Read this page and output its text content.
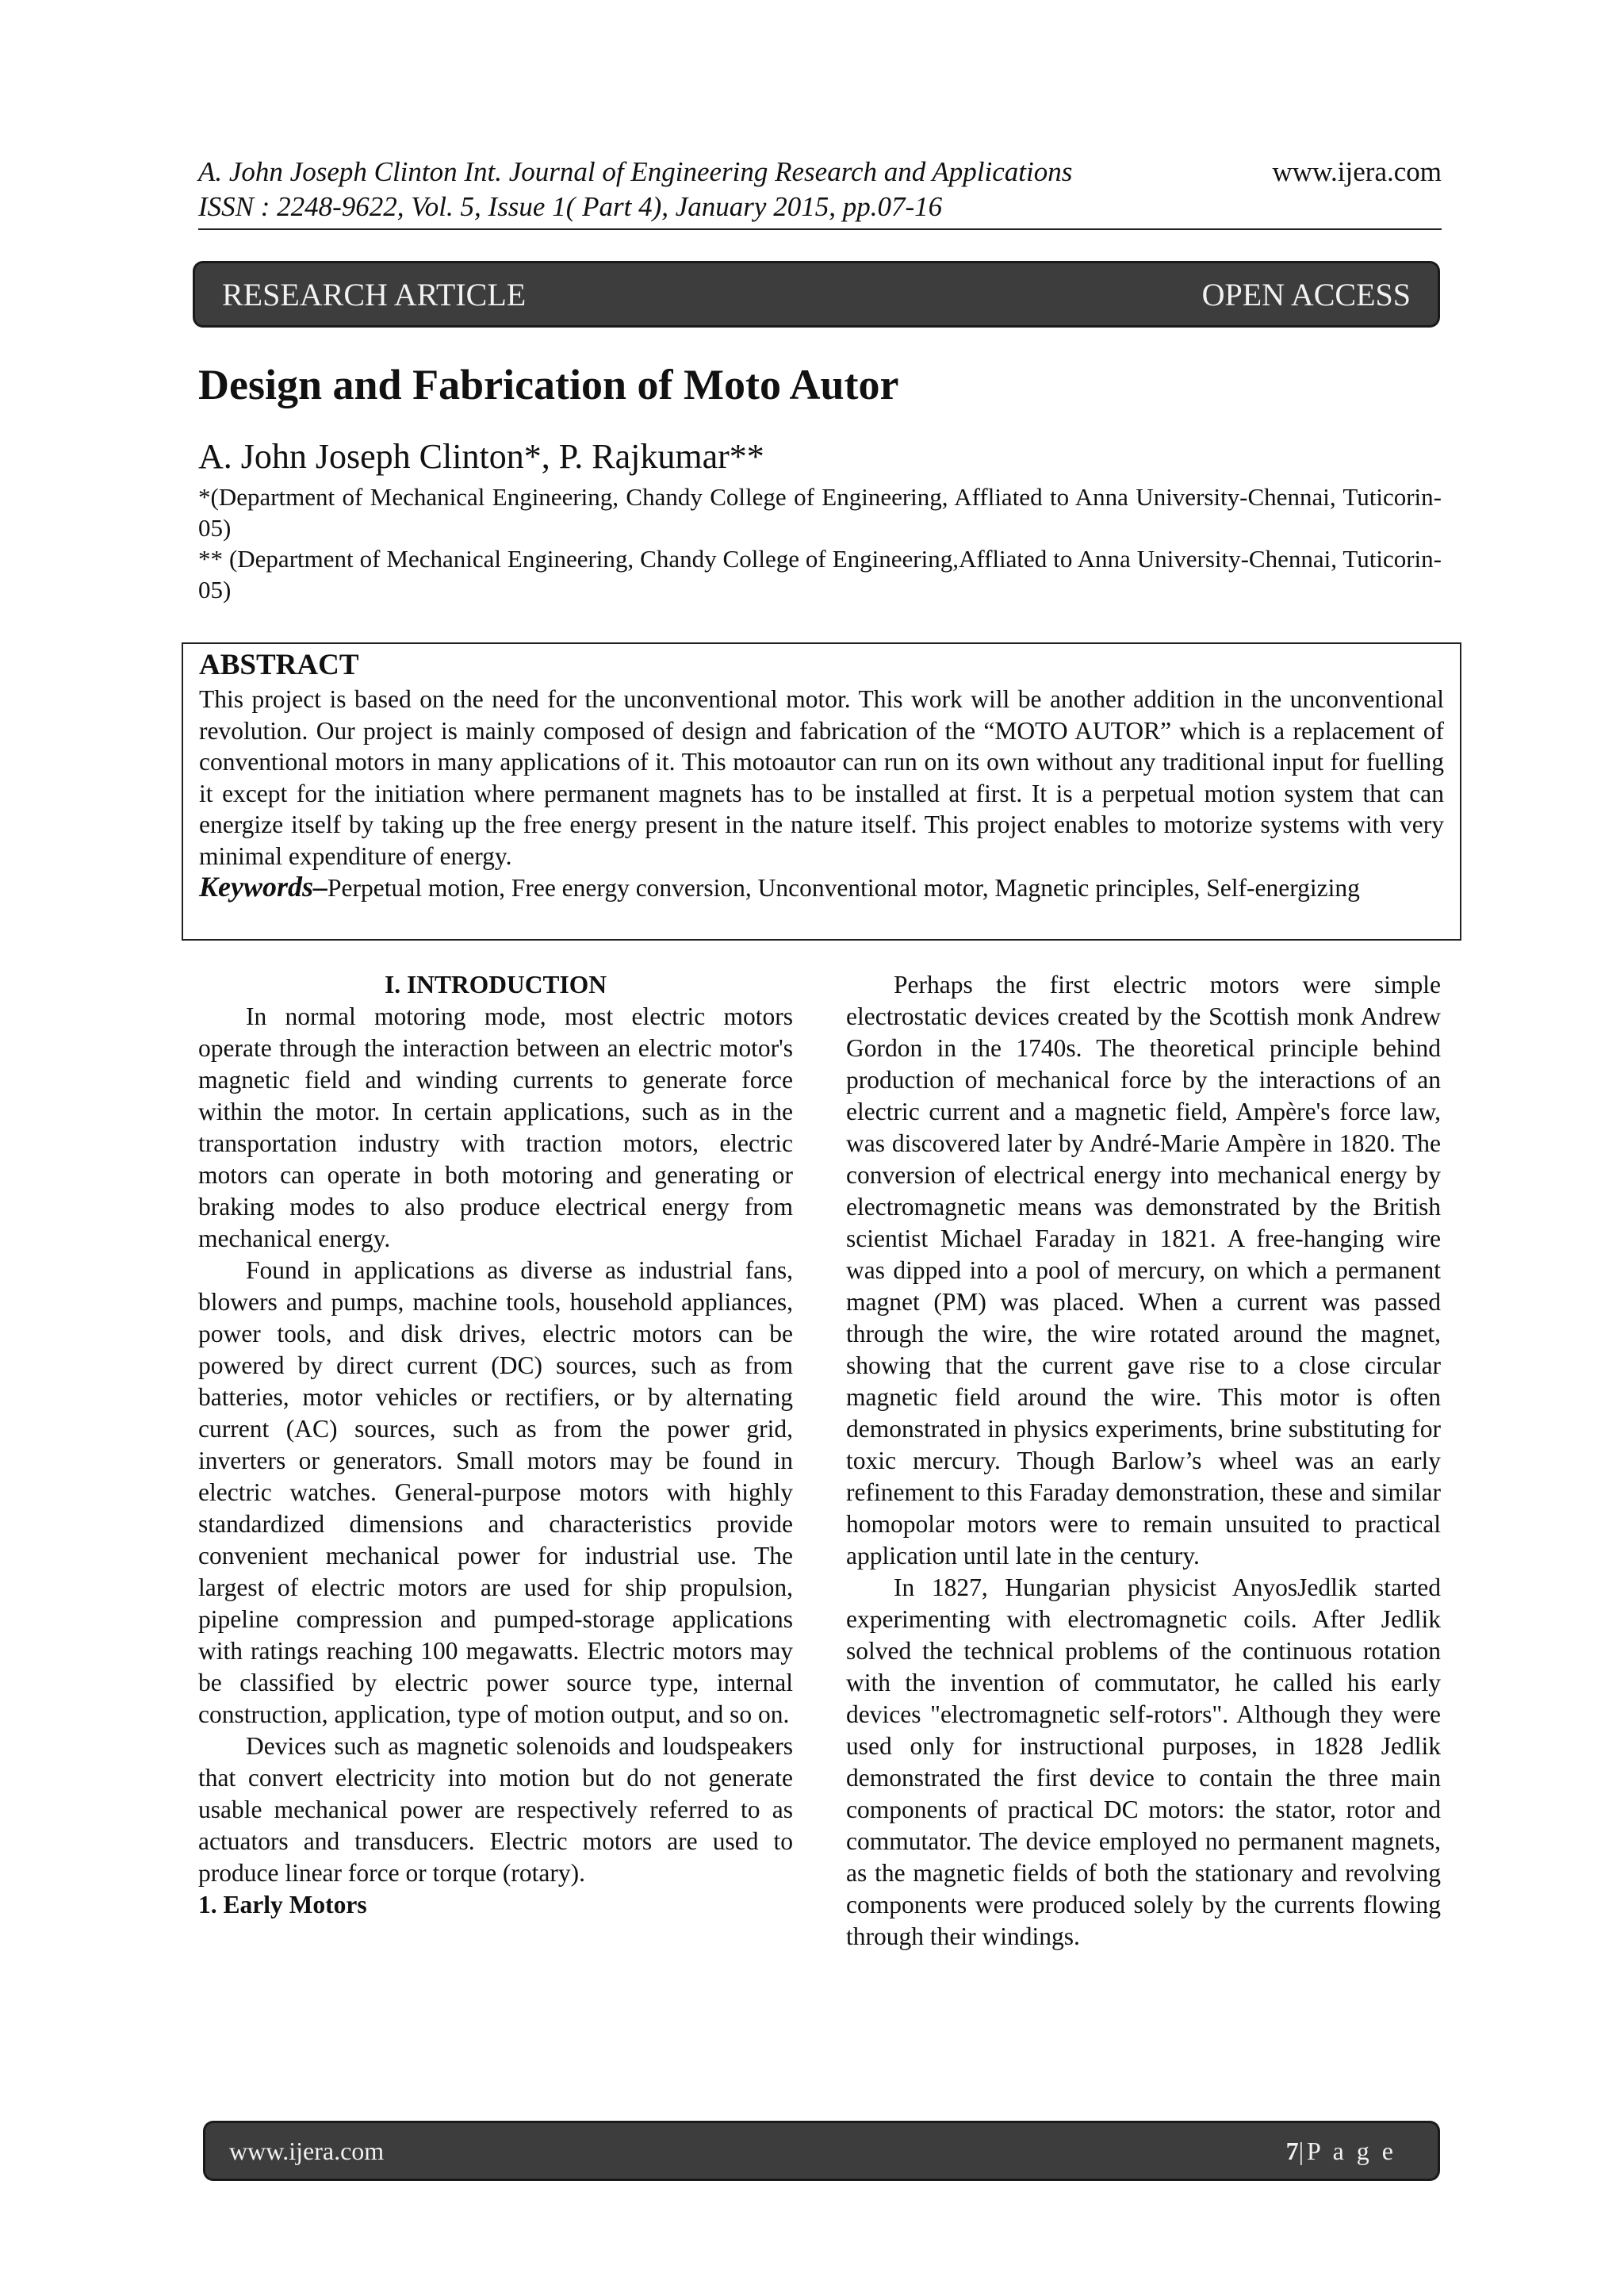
A. John Joseph Clinton Int. Journal of Engineering Research and Applications	www.ijera.com
ISSN : 2248-9622, Vol. 5, Issue 1( Part 4), January 2015, pp.07-16
RESEARCH ARTICLE	OPEN ACCESS
Design and Fabrication of Moto Autor
A. John Joseph Clinton*, P. Rajkumar**

*(Department of Mechanical Engineering, Chandy College of Engineering, Affliated to Anna University-Chennai, Tuticorin-05)

** (Department of Mechanical Engineering, Chandy College of Engineering,Affliated to Anna University-Chennai, Tuticorin-05)

ABSTRACT

This project is based on the need for the unconventional motor. This work will be another addition in the unconventional revolution. Our project is mainly composed of design and fabrication of the “MOTO AUTOR” which is a replacement of conventional motors in many applications of it. This motoautor can run on its own without any traditional input for fuelling it except for the initiation where permanent magnets has to be installed at first. It is a perpetual motion system that can energize itself by taking up the free energy present in the nature itself. This project enables to motorize systems with very minimal expenditure of energy.

Keywords–Perpetual motion, Free energy conversion, Unconventional motor, Magnetic principles, Self-energizing

I. INTRODUCTION

In normal motoring mode, most electric motors operate through the interaction between an electric motor's magnetic field and winding currents to generate force within the motor. In certain applications, such as in the transportation industry with traction motors, electric motors can operate in both motoring and generating or braking modes to also produce electrical energy from mechanical energy.

Found in applications as diverse as industrial fans, blowers and pumps, machine tools, household appliances, power tools, and disk drives, electric motors can be powered by direct current (DC) sources, such as from batteries, motor vehicles or rectifiers, or by alternating current (AC) sources, such as from the power grid, inverters or generators. Small motors may be found in electric watches. General-purpose motors with highly standardized dimensions and characteristics provide convenient mechanical power for industrial use. The largest of electric motors are used for ship propulsion, pipeline compression and pumped-storage applications with ratings reaching 100 megawatts. Electric motors may be classified by electric power source type, internal construction, application, type of motion output, and so on.

Devices such as magnetic solenoids and loudspeakers that convert electricity into motion but do not generate usable mechanical power are respectively referred to as actuators and transducers. Electric motors are used to produce linear force or torque (rotary).

1. Early Motors

Perhaps the first electric motors were simple electrostatic devices created by the Scottish monk Andrew Gordon in the 1740s. The theoretical principle behind production of mechanical force by the interactions of an electric current and a magnetic field, Ampère's force law, was discovered later by André-Marie Ampère in 1820. The conversion of electrical energy into mechanical energy by electromagnetic means was demonstrated by the British scientist Michael Faraday in 1821. A free-hanging wire was dipped into a pool of mercury, on which a permanent magnet (PM) was placed. When a current was passed through the wire, the wire rotated around the magnet, showing that the current gave rise to a close circular magnetic field around the wire. This motor is often demonstrated in physics experiments, brine substituting for toxic mercury. Though Barlow’s wheel was an early refinement to this Faraday demonstration, these and similar homopolar motors were to remain unsuited to practical application until late in the century.

In 1827, Hungarian physicist AnyosJedlik started experimenting with electromagnetic coils. After Jedlik solved the technical problems of the continuous rotation with the invention of commutator, he called his early devices "electromagnetic self-rotors". Although they were used only for instructional purposes, in 1828 Jedlik demonstrated the first device to contain the three main components of practical DC motors: the stator, rotor and commutator. The device employed no permanent magnets, as the magnetic fields of both the stationary and revolving components were produced solely by the currents flowing through their windings.

www.ijera.com	7|P a g e
